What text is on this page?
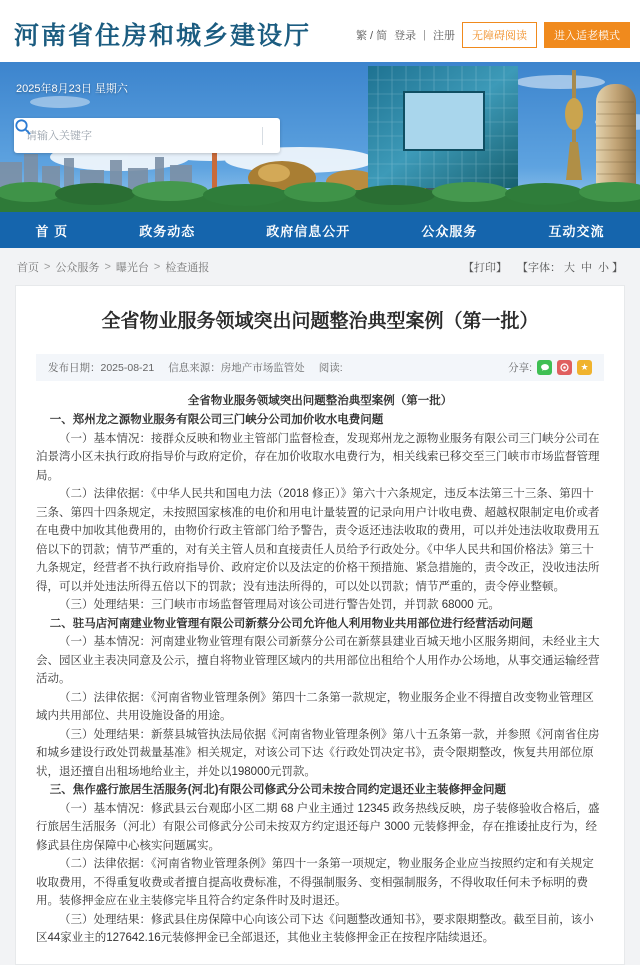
河南省住房和城乡建设厅	繁 / 简 登录 | 注册	无障碍阅读	进入适老模式
2025年8月23日 星期六
请输入关键字
首 页	政务动态	政府信息公开	公众服务	互动交流
首页 > 公众服务 > 曝光台 > 检查通报	【打印】 【字体： 大 中 小 】
全省物业服务领域突出问题整治典型案例（第一批）
发布日期：2025-08-21 信息来源：房地产市场监管处 阅读:	分享:	★
全省物业服务领域突出问题整治典型案例（第一批）
一、郑州龙之源物业服务有限公司三门峡分公司加价收水电费问题

（一）基本情况：接群众反映和物业主管部门监督检查，发现郑州龙之源物业服务有限公司三门峡分公司在泊景湾小区未执行政府指导价与政府定价，存在加价收取水电费行为，相关线索已移交至三门峡市市场监督管理局。

（二）法律依据：《中华人民共和国电力法（2018 修正）》第六十六条规定，违反本法第三十三条、第四十三条、第四十四条规定，未按照国家核准的电价和用电计量装置的记录向用户计收电费、超越权限制定电价或者在电费中加收其他费用的，由物价行政主管部门给予警告，责令返还违法收取的费用，可以并处违法收取费用五倍以下的罚款；情节严重的，对有关主管人员和直接责任人员给予行政处分。《中华人民共和国价格法》第三十九条规定，经营者不执行政府指导价、政府定价以及法定的价格干预措施、紧急措施的，责令改正，没收违法所得，可以并处违法所得五倍以下的罚款；没有违法所得的，可以处以罚款；情节严重的，责令停业整顿。

（三）处理结果：三门峡市市场监督管理局对该公司进行警告处罚，并罚款 68000 元。

二、驻马店河南建业物业管理有限公司新蔡分公司允许他人利用物业共用部位进行经营活动问题

（一）基本情况：河南建业物业管理有限公司新蔡分公司在新蔡县建业百城天地小区服务期间，未经业主大会、园区业主表决同意及公示，擅自将物业管理区域内的共用部位出租给个人用作办公场地，从事交通运输经营活动。

（二）法律依据：《河南省物业管理条例》第四十二条第一款规定，物业服务企业不得擅自改变物业管理区域内共用部位、共用设施设备的用途。

（三）处理结果：新蔡县城管执法局依据《河南省物业管理条例》第八十五条第一款，并参照《河南省住房和城乡建设行政处罚裁量基准》相关规定，对该公司下达《行政处罚决定书》，责令限期整改，恢复共用部位原状，退还擅自出租场地给业主，并处以198000元罚款。

三、焦作盛行旅居生活服务(河北)有限公司修武分公司未按合同约定退还业主装修押金问题

（一）基本情况：修武县云台观邸小区二期 68 户业主通过 12345 政务热线反映，房子装修验收合格后，盛行旅居生活服务（河北）有限公司修武分公司未按双方约定退还每户 3000 元装修押金，存在推诿扯皮行为，经修武县住房保障中心核实问题属实。

（二）法律依据：《河南省物业管理条例》第四十一条第一项规定，物业服务企业应当按照约定和有关规定收取费用，不得重复收费或者擅自提高收费标准，不得强制服务、变相强制服务，不得收取任何未予标明的费用。装修押金应在业主装修完毕且符合约定条件时及时退还。

（三）处理结果：修武县住房保障中心向该公司下达《问题整改通知书》，要求限期整改。截至目前，该小区44家业主的127642.16元装修押金已全部退还，其他业主装修押金正在按程序陆续退还。
